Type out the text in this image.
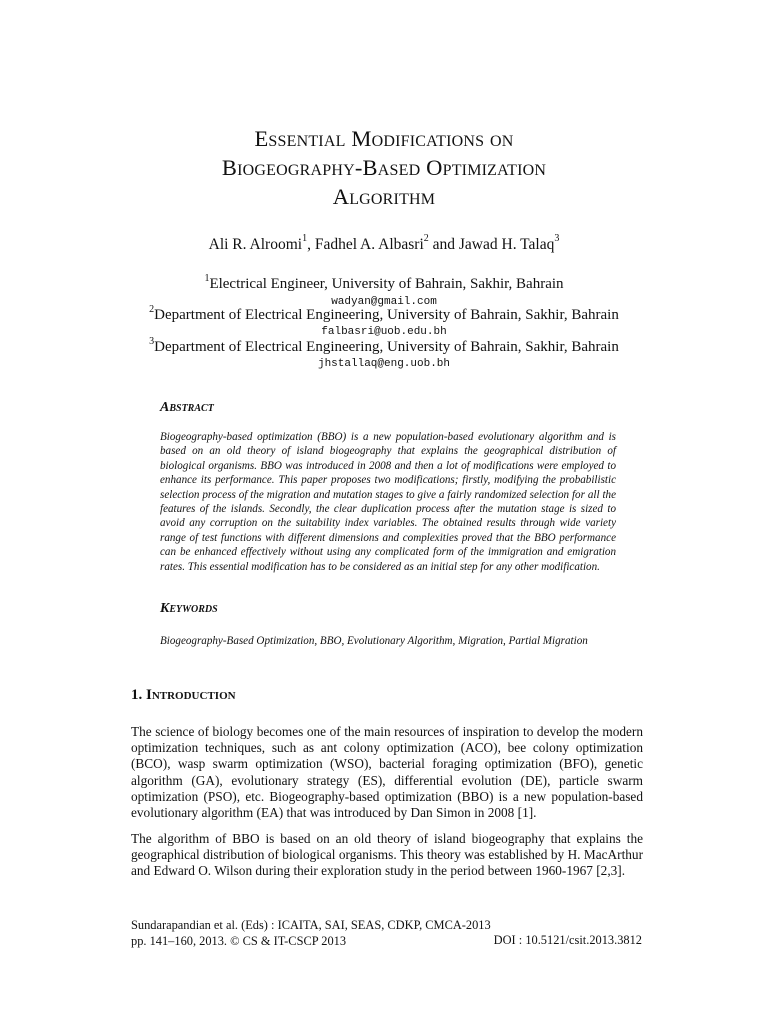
Essential Modifications on
Biogeography-Based Optimization
Algorithm
Ali R. Alroomi$^1$, Fadhel A. Albasri$^2$ and Jawad H. Talaq$^3$
$^1$Electrical Engineer, University of Bahrain, Sakhir, Bahrain
wadyan@gmail.com
$^2$Department of Electrical Engineering, University of Bahrain, Sakhir, Bahrain
falbasri@uob.edu.bh
$^3$Department of Electrical Engineering, University of Bahrain, Sakhir, Bahrain
jhstallaq@eng.uob.bh
Abstract
Biogeography-based optimization (BBO) is a new population-based evolutionary algorithm and is based on an old theory of island biogeography that explains the geographical distribution of biological organisms. BBO was introduced in 2008 and then a lot of modifications were employed to enhance its performance. This paper proposes two modifications; firstly, modifying the probabilistic selection process of the migration and mutation stages to give a fairly randomized selection for all the features of the islands. Secondly, the clear duplication process after the mutation stage is sized to avoid any corruption on the suitability index variables. The obtained results through wide variety range of test functions with different dimensions and complexities proved that the BBO performance can be enhanced effectively without using any complicated form of the immigration and emigration rates. This essential modification has to be considered as an initial step for any other modification.
Keywords
Biogeography-Based Optimization, BBO, Evolutionary Algorithm, Migration, Partial Migration
1. Introduction
The science of biology becomes one of the main resources of inspiration to develop the modern optimization techniques, such as ant colony optimization (ACO), bee colony optimization (BCO), wasp swarm optimization (WSO), bacterial foraging optimization (BFO), genetic algorithm (GA), evolutionary strategy (ES), differential evolution (DE), particle swarm optimization (PSO), etc. Biogeography-based optimization (BBO) is a new population-based evolutionary algorithm (EA) that was introduced by Dan Simon in 2008 [1].
The algorithm of BBO is based on an old theory of island biogeography that explains the geographical distribution of biological organisms. This theory was established by H. MacArthur and Edward O. Wilson during their exploration study in the period between 1960-1967 [2,3].
Sundarapandian et al. (Eds) : ICAITA, SAI, SEAS, CDKP, CMCA-2013
pp. 141–160, 2013. © CS & IT-CSCP 2013	DOI : 10.5121/csit.2013.3812
